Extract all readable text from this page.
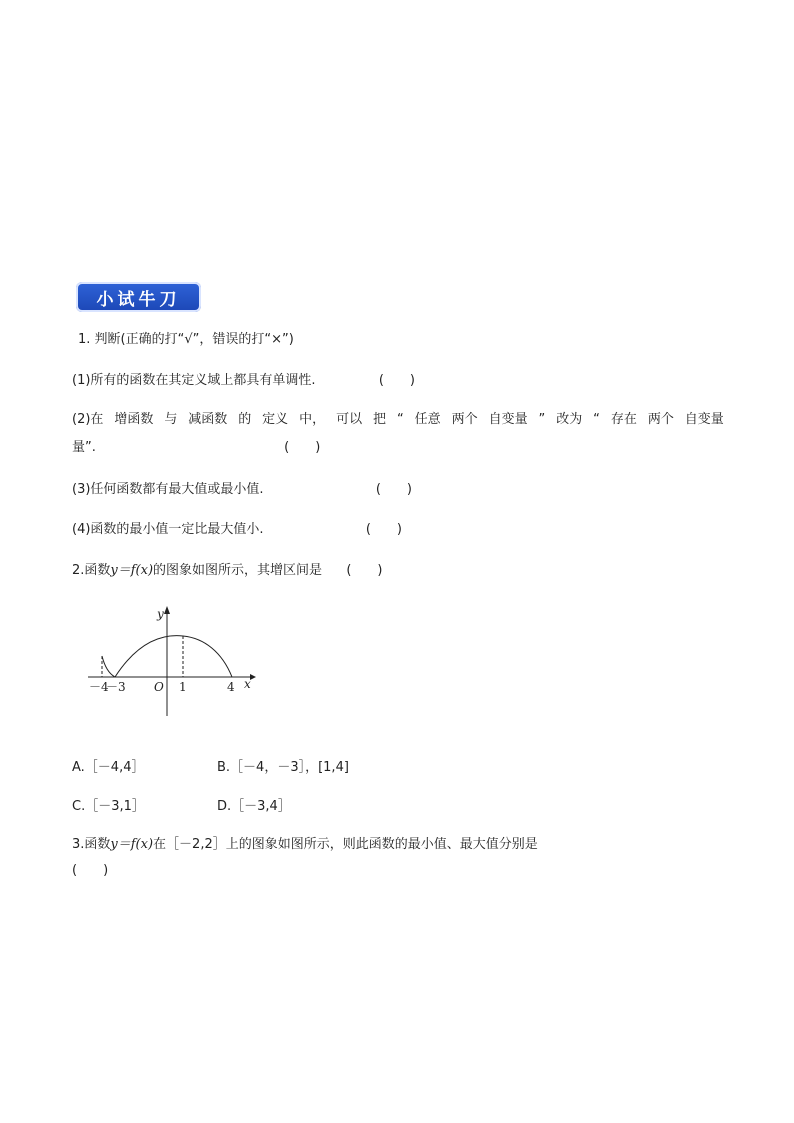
小试牛刀
1. 判断(正确的打“√”，错误的打“×”)
(1)所有的函数在其定义域上都具有单调性.	(　　)
(2)在 增函数 与 减函数 的 定义 中， 可以 把 “ 任意 两个 自变量 ” 改为 “ 存在 两个 自变量
量”.	(　　)
(3)任何函数都有最大值或最小值.	(　　)
(4)函数的最小值一定比最大值小.	(　　)
2.函数y＝f(x)的图象如图所示，其增区间是 (　　)
x
y
－4
－3 O 1	4
A.［－4,4］	B.［－4，－3］，[1,4]
C.［－3,1］	D.［－3,4］
3.函数y＝f(x)在［－2,2］上的图象如图所示，则此函数的最小值、最大值分别是
(　　)
